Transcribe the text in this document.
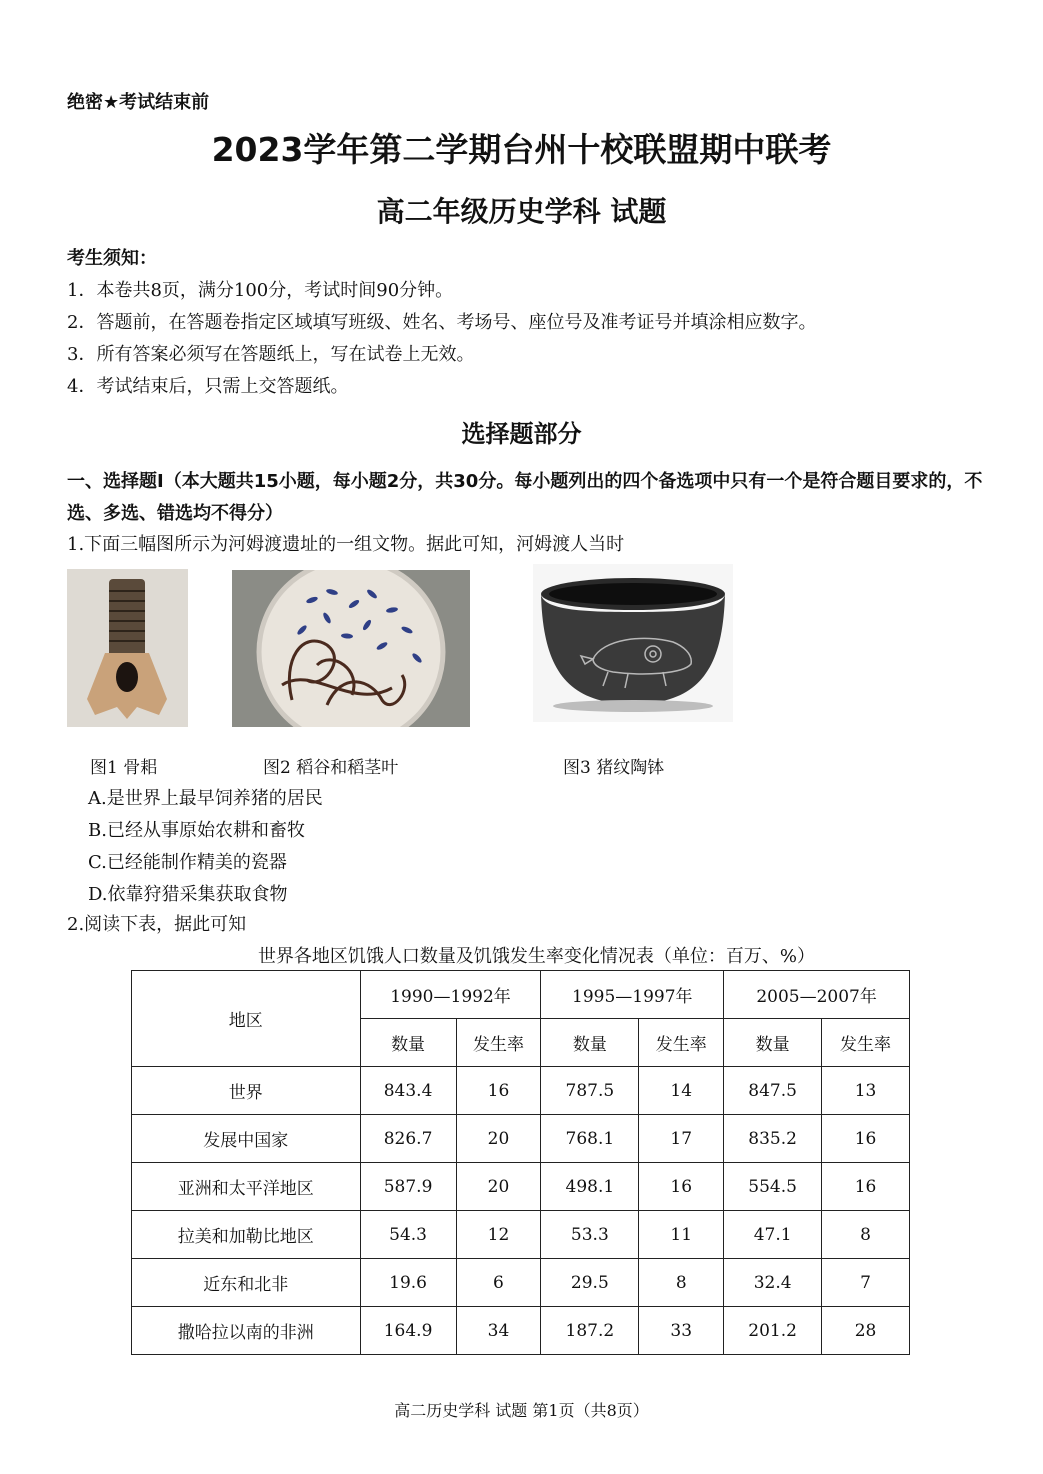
绝密★考试结束前
2023学年第二学期台州十校联盟期中联考
高二年级历史学科 试题
考生须知：
1．本卷共8页，满分100分，考试时间90分钟。
2．答题前，在答题卷指定区域填写班级、姓名、考场号、座位号及准考证号并填涂相应数字。
3．所有答案必须写在答题纸上，写在试卷上无效。
4．考试结束后，只需上交答题纸。
选择题部分
一、选择题Ⅰ（本大题共15小题，每小题2分，共30分。每小题列出的四个备选项中只有一个是符合题目要求的，不选、多选、错选均不得分）
1.下面三幅图所示为河姆渡遗址的一组文物。据此可知，河姆渡人当时
图1 骨耜	图2 稻谷和稻茎叶	图3 猪纹陶钵
A.是世界上最早饲养猪的居民
B.已经从事原始农耕和畜牧
C.已经能制作精美的瓷器
D.依靠狩猎采集获取食物
2.阅读下表，据此可知
世界各地区饥饿人口数量及饥饿发生率变化情况表（单位：百万、%）
地区	1990—1992年		1995—1997年		2005—2007年	
	数量	发生率	数量	发生率	数量	发生率
世界	843.4	16	787.5	14	847.5	13
发展中国家	826.7	20	768.1	17	835.2	16
亚洲和太平洋地区	587.9	20	498.1	16	554.5	16
拉美和加勒比地区	54.3	12	53.3	11	47.1	8
近东和北非	19.6	6	29.5	8	32.4	7
撒哈拉以南的非洲	164.9	34	187.2	33	201.2	28
高二历史学科 试题 第1页（共8页）
